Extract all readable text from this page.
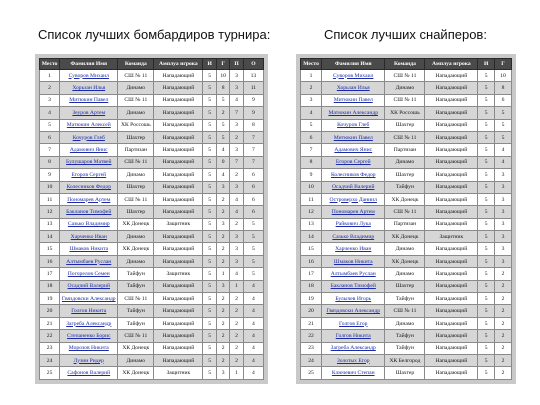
Список лучших бомбардиров турнира:	Список лучших снайперов:
Место	Фамилия Имя	Команда	Амплуа игрока	И	Г	П	О
1	Суворов Михаил	СШ № 11	Нападающий	5	10	3	13
2	Хорьзан Илья	Динамо	Нападающий	5	8	3	11
3	Митюкин Павел	СШ № 11	Нападающий	5	5	4	9
4	Зеуров Артем	Динамо	Нападающий	5	2	7	9
5	Матюкин Алексей	ХК Россошь	Нападающий	5	5	3	8
6	Кочуров Глеб	Шахтер	Нападающий	5	5	2	7
7	Адамович Янис	Партизан	Нападающий	5	4	3	7
8	Булушаров Матвей	СШ № 11	Нападающий	5	0	7	7
9	Егоров Сергей	Динамо	Нападающий	5	4	2	6
10	Колесников Федор	Шахтер	Нападающий	5	3	3	6
11	Пономарев Артем	СШ № 11	Нападающий	5	2	4	6
12	Бакланов Тимофей	Шахтер	Нападающий	5	2	4	6
13	Сазько Владимир	ХК Донецк	Защитник	5	3	2	5
14	Харченко Иван	Динамо	Нападающий	5	2	3	5
15	Шмаков Никита	ХК Донецк	Нападающий	5	2	3	5
16	Алтымбаев Руслан	Динамо	Нападающий	5	2	3	5
17	Погорелов Семен	Тайфун	Защитник	5	1	4	5
18	Осадчий Валерий	Тайфун	Нападающий	5	3	1	4
19	Гвяздовски Александр	СШ № 11	Нападающий	5	2	2	4
20	Голгов Никита	Тайфун	Нападающий	5	2	2	4
21	Загреба Александр	Тайфун	Нападающий	5	2	2	4
22	Степаненко Борис	СШ № 11	Нападающий	5	2	2	4
23	Морозов Никита	ХК Донецк	Нападающий	5	2	2	4
24	Лузин Ридер	Динамо	Нападающий	5	2	2	4
25	Сафонов Валерий	ХК Донецк	Защитник	5	3	1	4
Место	Фамилия Имя	Команда	Амплуа игрока	И	Г
1	Суворов Михаил	СШ № 11	Нападающий	5	10
2	Хорьзан Илья	Динамо	Нападающий	5	8
3	Митюкин Павел	СШ № 11	Нападающий	5	6
4	Матюкин Александр	ХК Россошь	Нападающий	5	5
5	Кочуров Глеб	Шахтер	Нападающий	5	5
6	Митюкин Павел	СШ № 11	Нападающий	5	5
7	Адамович Янис	Партизан	Нападающий	5	4
8	Егоров Сергей	Динамо	Нападающий	5	4
9	Колесников Федор	Шахтер	Нападающий	5	3
10	Осадчий Валерий	Тайфун	Нападающий	5	3
11	Островерхо Даниил	ХК Донецк	Нападающий	5	3
12	Пономарев Артем	СШ № 11	Нападающий	5	3
13	Райкович Лука	Партизан	Нападающий	5	3
14	Сазько Владимир	ХК Донецк	Защитник	5	3
15	Харченко Иван	Динамо	Нападающий	5	3
16	Шмаков Никита	ХК Донецк	Нападающий	5	3
17	Алтымбаев Руслан	Динамо	Нападающий	5	2
18	Бакланов Тимофей	Шахтер	Нападающий	5	2
19	Булычев Игорь	Тайфун	Нападающий	5	2
20	Гвяздовски Александр	СШ № 11	Нападающий	5	2
21	Голгов Егор	Динамо	Нападающий	5	2
22	Голгов Никита	Тайфун	Нападающий	5	2
23	Загреба Александр	Тайфун	Нападающий	5	2
24	Золотых Егор	ХК Белгород	Нападающий	5	2
25	Ключевич Степан	Шахтер	Нападающий	5	2
